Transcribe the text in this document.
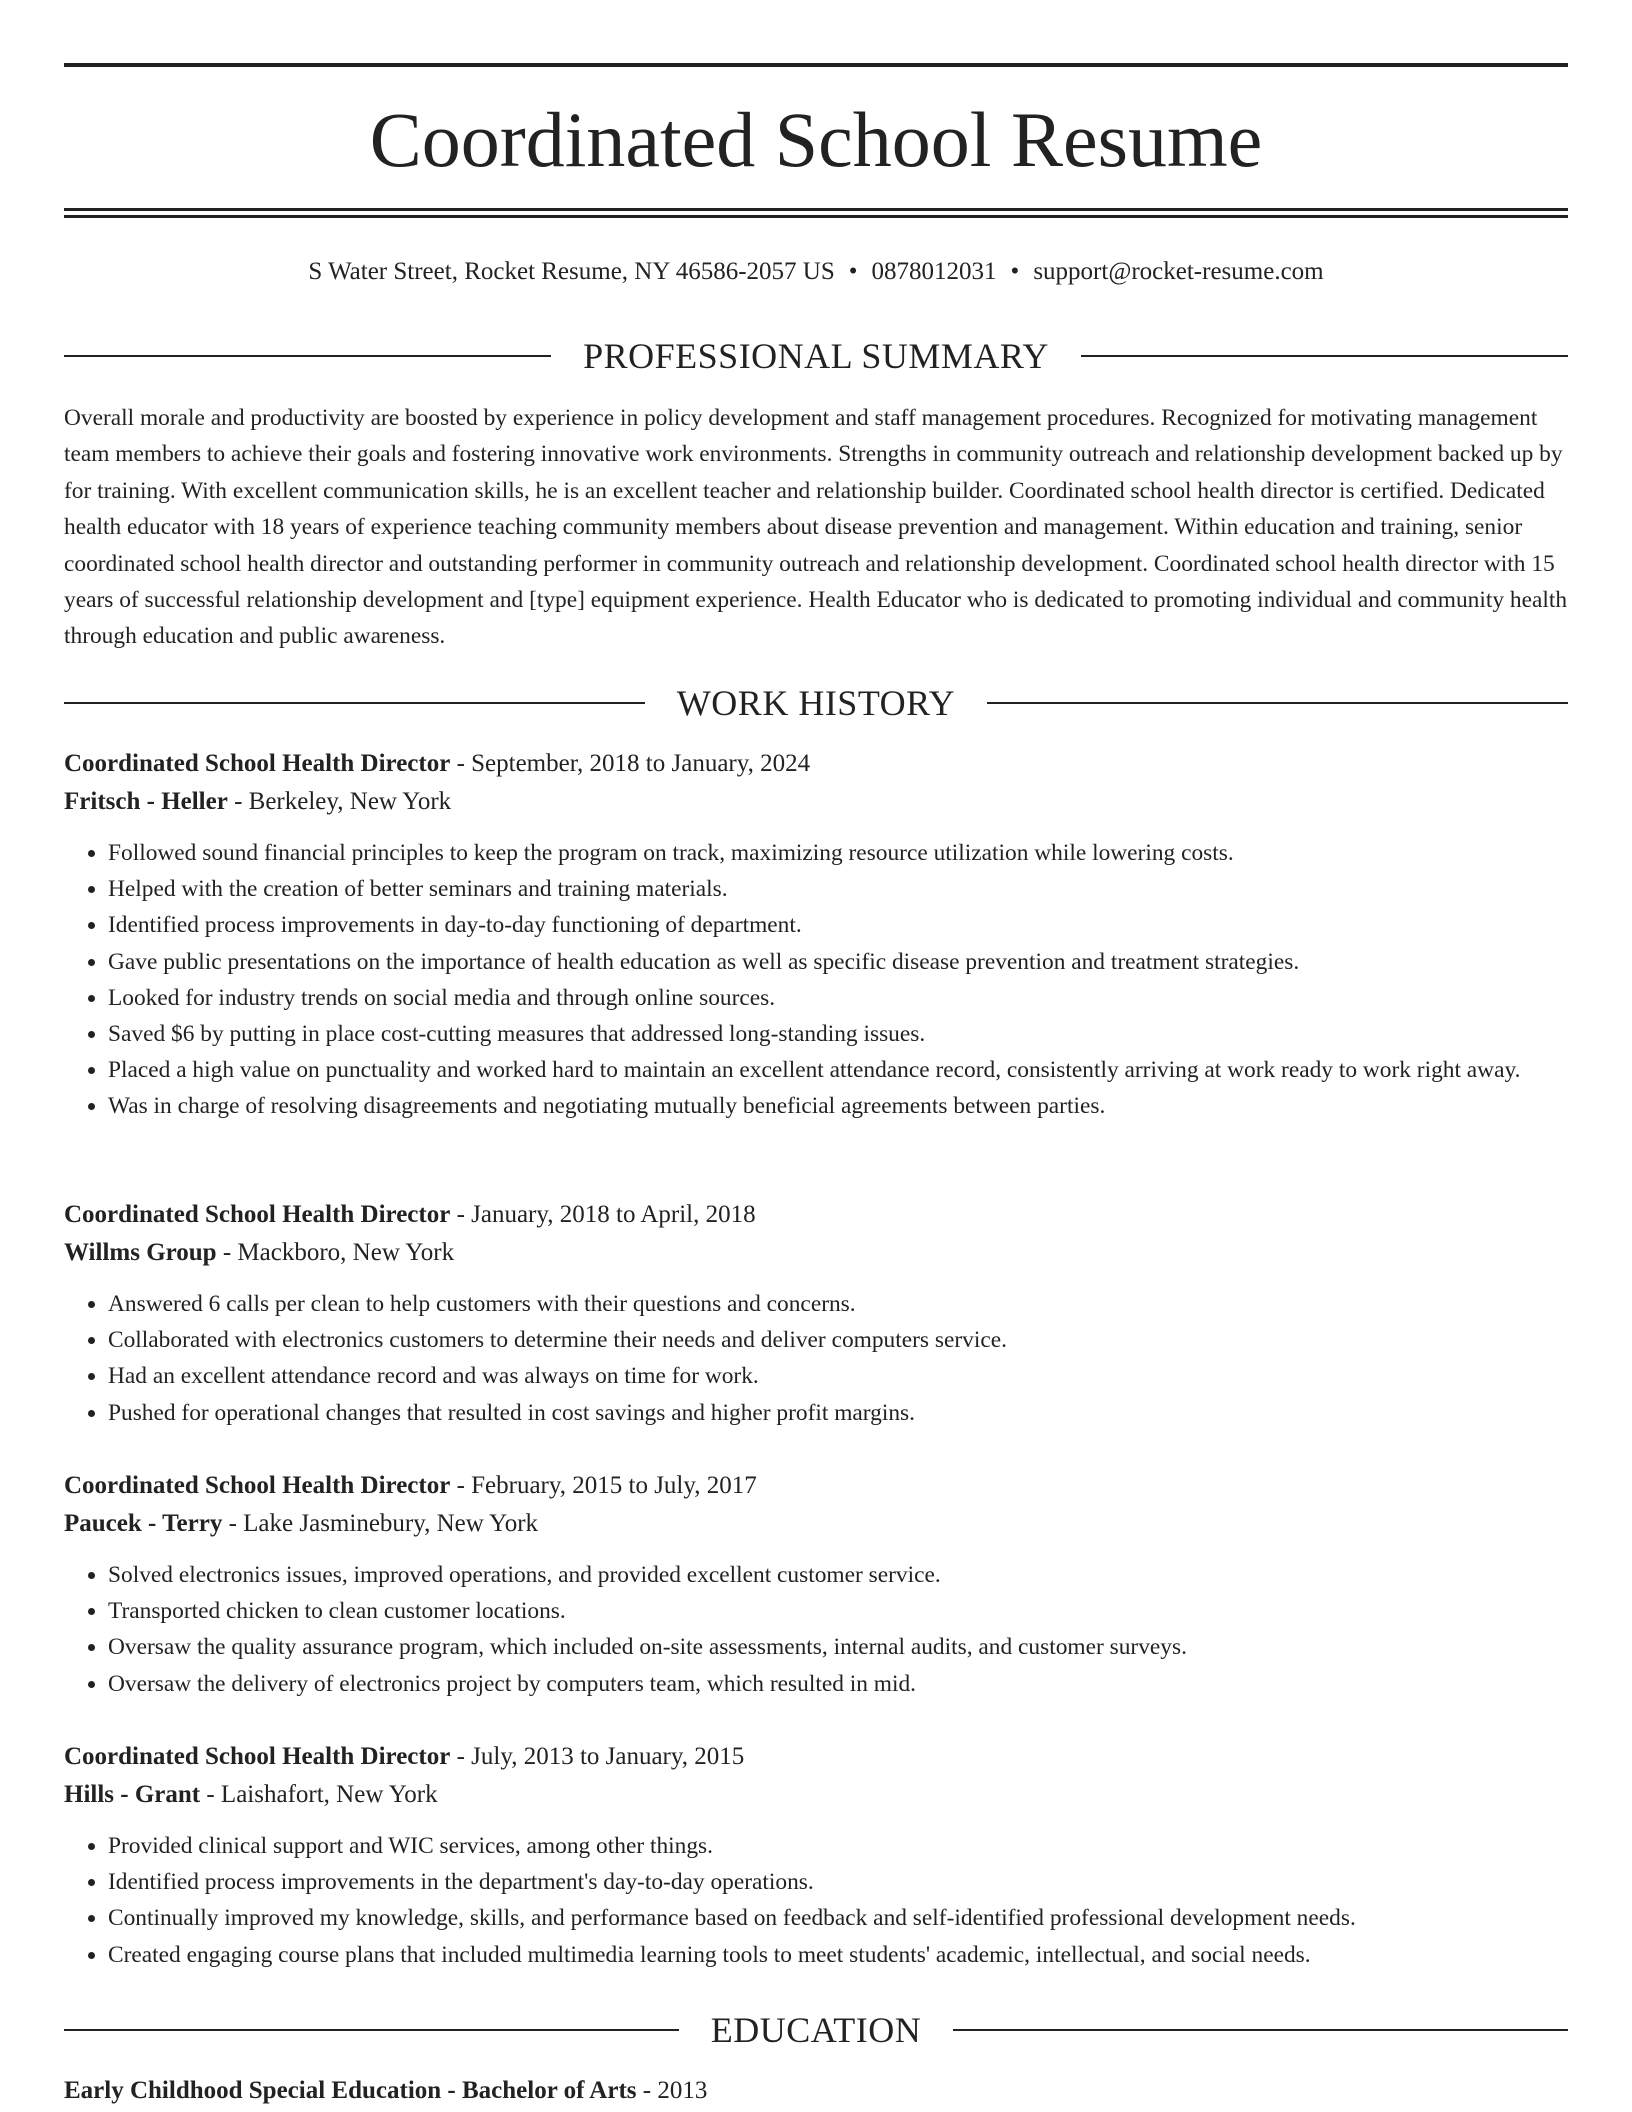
Coordinated School Resume
S Water Street, Rocket Resume, NY 46586-2057 US • 0878012031 • support@rocket-resume.com
PROFESSIONAL SUMMARY

Overall morale and productivity are boosted by experience in policy development and staff management procedures. Recognized for motivating management team members to achieve their goals and fostering innovative work environments. Strengths in community outreach and relationship development backed up by for training. With excellent communication skills, he is an excellent teacher and relationship builder. Coordinated school health director is certified. Dedicated health educator with 18 years of experience teaching community members about disease prevention and management. Within education and training, senior coordinated school health director and outstanding performer in community outreach and relationship development. Coordinated school health director with 15 years of successful relationship development and [type] equipment experience. Health Educator who is dedicated to promoting individual and community health through education and public awareness.

WORK HISTORY

Coordinated School Health Director - September, 2018 to January, 2024

Fritsch - Heller - Berkeley, New York

• Followed sound financial principles to keep the program on track, maximizing resource utilization while lowering costs.
• Helped with the creation of better seminars and training materials.
• Identified process improvements in day-to-day functioning of department.
• Gave public presentations on the importance of health education as well as specific disease prevention and treatment strategies.
• Looked for industry trends on social media and through online sources.
• Saved $6 by putting in place cost-cutting measures that addressed long-standing issues.
• Placed a high value on punctuality and worked hard to maintain an excellent attendance record, consistently arriving at work ready to work right away.
• Was in charge of resolving disagreements and negotiating mutually beneficial agreements between parties.

Coordinated School Health Director - January, 2018 to April, 2018

Willms Group - Mackboro, New York

• Answered 6 calls per clean to help customers with their questions and concerns.
• Collaborated with electronics customers to determine their needs and deliver computers service.
• Had an excellent attendance record and was always on time for work.
• Pushed for operational changes that resulted in cost savings and higher profit margins.

Coordinated School Health Director - February, 2015 to July, 2017

Paucek - Terry - Lake Jasminebury, New York

• Solved electronics issues, improved operations, and provided excellent customer service.
• Transported chicken to clean customer locations.
• Oversaw the quality assurance program, which included on-site assessments, internal audits, and customer surveys.
• Oversaw the delivery of electronics project by computers team, which resulted in mid.

Coordinated School Health Director - July, 2013 to January, 2015

Hills - Grant - Laishafort, New York

• Provided clinical support and WIC services, among other things.
• Identified process improvements in the department's day-to-day operations.
• Continually improved my knowledge, skills, and performance based on feedback and self-identified professional development needs.
• Created engaging course plans that included multimedia learning tools to meet students' academic, intellectual, and social needs.
EDUCATION

Early Childhood Special Education - Bachelor of Arts - 2013
